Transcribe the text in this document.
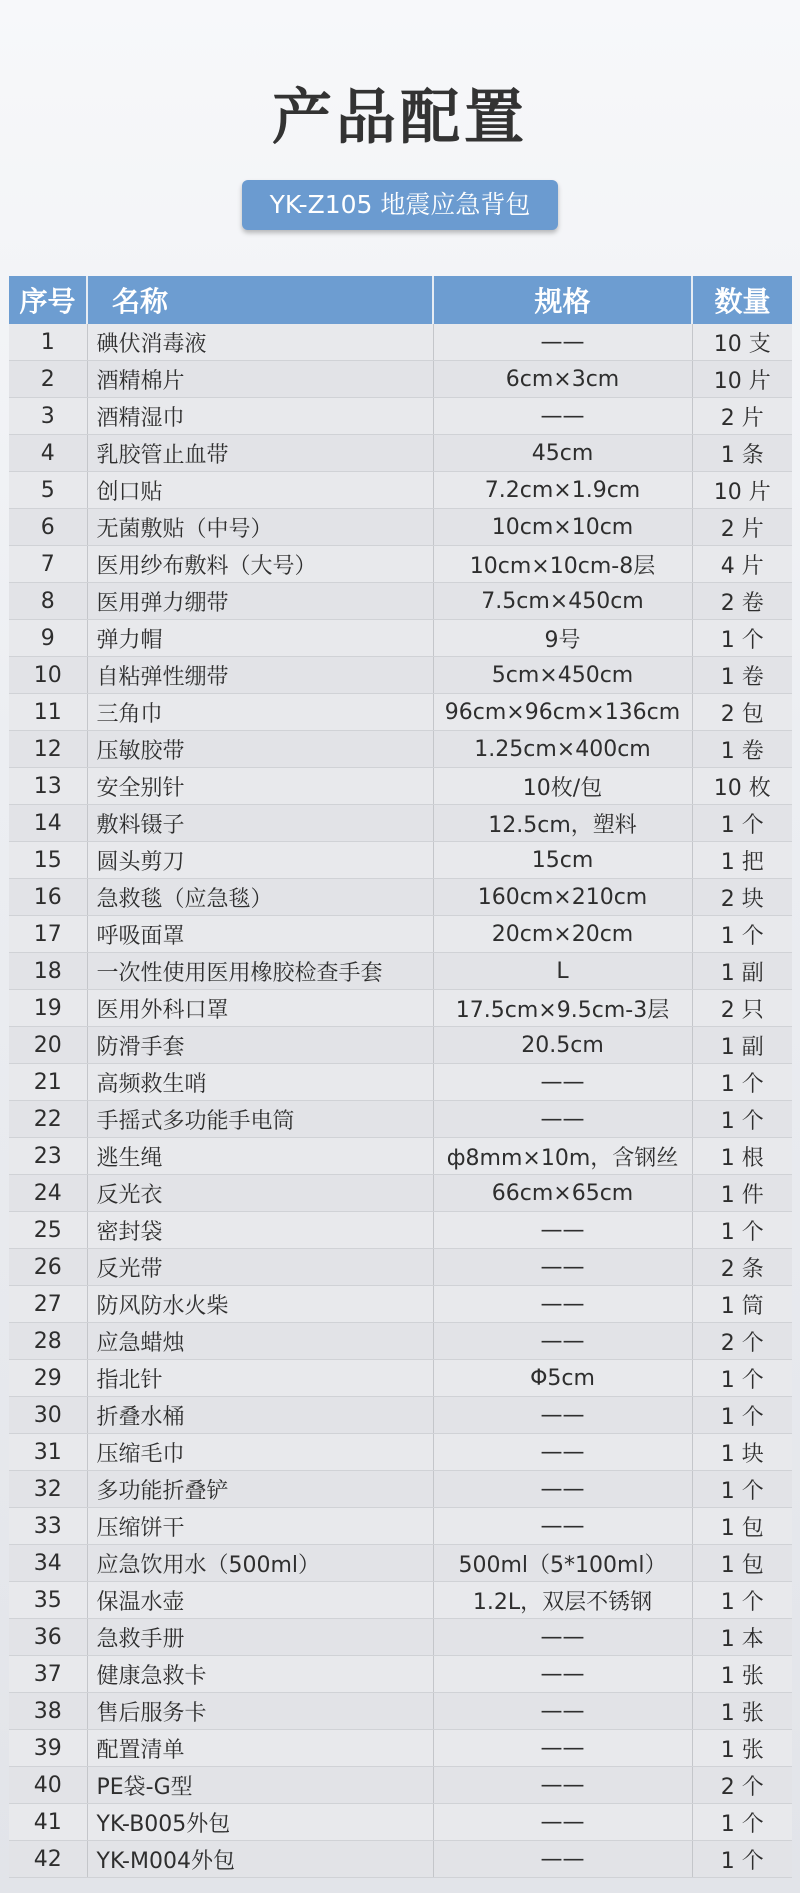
产品配置
YK-Z105 地震应急背包
序号	名称	规格	数量
1	碘伏消毒液	——	10 支
2	酒精棉片	6cm×3cm	10 片
3	酒精湿巾	——	2 片
4	乳胶管止血带	45cm	1 条
5	创口贴	7.2cm×1.9cm	10 片
6	无菌敷贴（中号）	10cm×10cm	2 片
7	医用纱布敷料（大号）	10cm×10cm-8层	4 片
8	医用弹力绷带	7.5cm×450cm	2 卷
9	弹力帽	9号	1 个
10	自粘弹性绷带	5cm×450cm	1 卷
11	三角巾	96cm×96cm×136cm	2 包
12	压敏胶带	1.25cm×400cm	1 卷
13	安全别针	10枚/包	10 枚
14	敷料镊子	12.5cm，塑料	1 个
15	圆头剪刀	15cm	1 把
16	急救毯（应急毯）	160cm×210cm	2 块
17	呼吸面罩	20cm×20cm	1 个
18	一次性使用医用橡胶检查手套	L	1 副
19	医用外科口罩	17.5cm×9.5cm-3层	2 只
20	防滑手套	20.5cm	1 副
21	高频救生哨	——	1 个
22	手摇式多功能手电筒	——	1 个
23	逃生绳	ф8mm×10m，含钢丝	1 根
24	反光衣	66cm×65cm	1 件
25	密封袋	——	1 个
26	反光带	——	2 条
27	防风防水火柴	——	1 筒
28	应急蜡烛	——	2 个
29	指北针	Φ5cm	1 个
30	折叠水桶	——	1 个
31	压缩毛巾	——	1 块
32	多功能折叠铲	——	1 个
33	压缩饼干	——	1 包
34	应急饮用水（500ml）	500ml（5*100ml）	1 包
35	保温水壶	1.2L，双层不锈钢	1 个
36	急救手册	——	1 本
37	健康急救卡	——	1 张
38	售后服务卡	——	1 张
39	配置清单	——	1 张
40	PE袋-G型	——	2 个
41	YK-B005外包	——	1 个
42	YK-M004外包	——	1 个
